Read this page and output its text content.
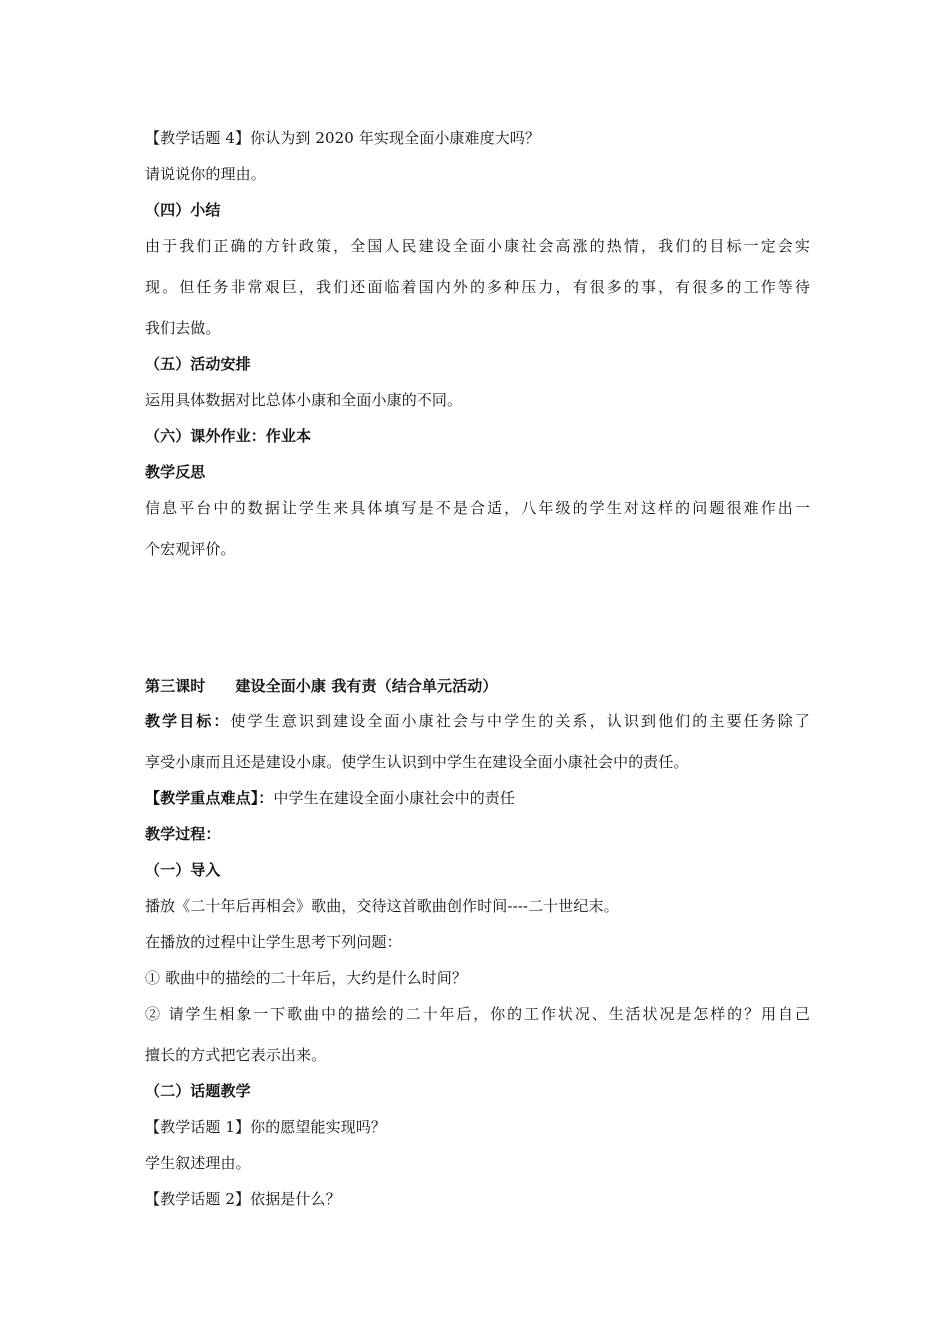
【教学话题 4】你认为到 2020 年实现全面小康难度大吗？
请说说你的理由。
（四）小结
由于我们正确的方针政策，全国人民建设全面小康社会高涨的热情，我们的目标一定会实
现。但任务非常艰巨，我们还面临着国内外的多种压力，有很多的事，有很多的工作等待
我们去做。
（五）活动安排
运用具体数据对比总体小康和全面小康的不同。
（六）课外作业：作业本
教学反思
信息平台中的数据让学生来具体填写是不是合适，八年级的学生对这样的问题很难作出一
个宏观评价。
第三课时 建设全面小康 我有责（结合单元活动）
教学目标：使学生意识到建设全面小康社会与中学生的关系，认识到他们的主要任务除了
享受小康而且还是建设小康。使学生认识到中学生在建设全面小康社会中的责任。
【教学重点难点】：中学生在建设全面小康社会中的责任
教学过程：
（一）导入
播放《二十年后再相会》歌曲，交待这首歌曲创作时间----二十世纪末。
在播放的过程中让学生思考下列问题：
① 歌曲中的描绘的二十年后，大约是什么时间？
② 请学生相象一下歌曲中的描绘的二十年后，你的工作状况、生活状况是怎样的？用自己
擅长的方式把它表示出来。
（二）话题教学
【教学话题 1】你的愿望能实现吗？
学生叙述理由。
【教学话题 2】依据是什么？
